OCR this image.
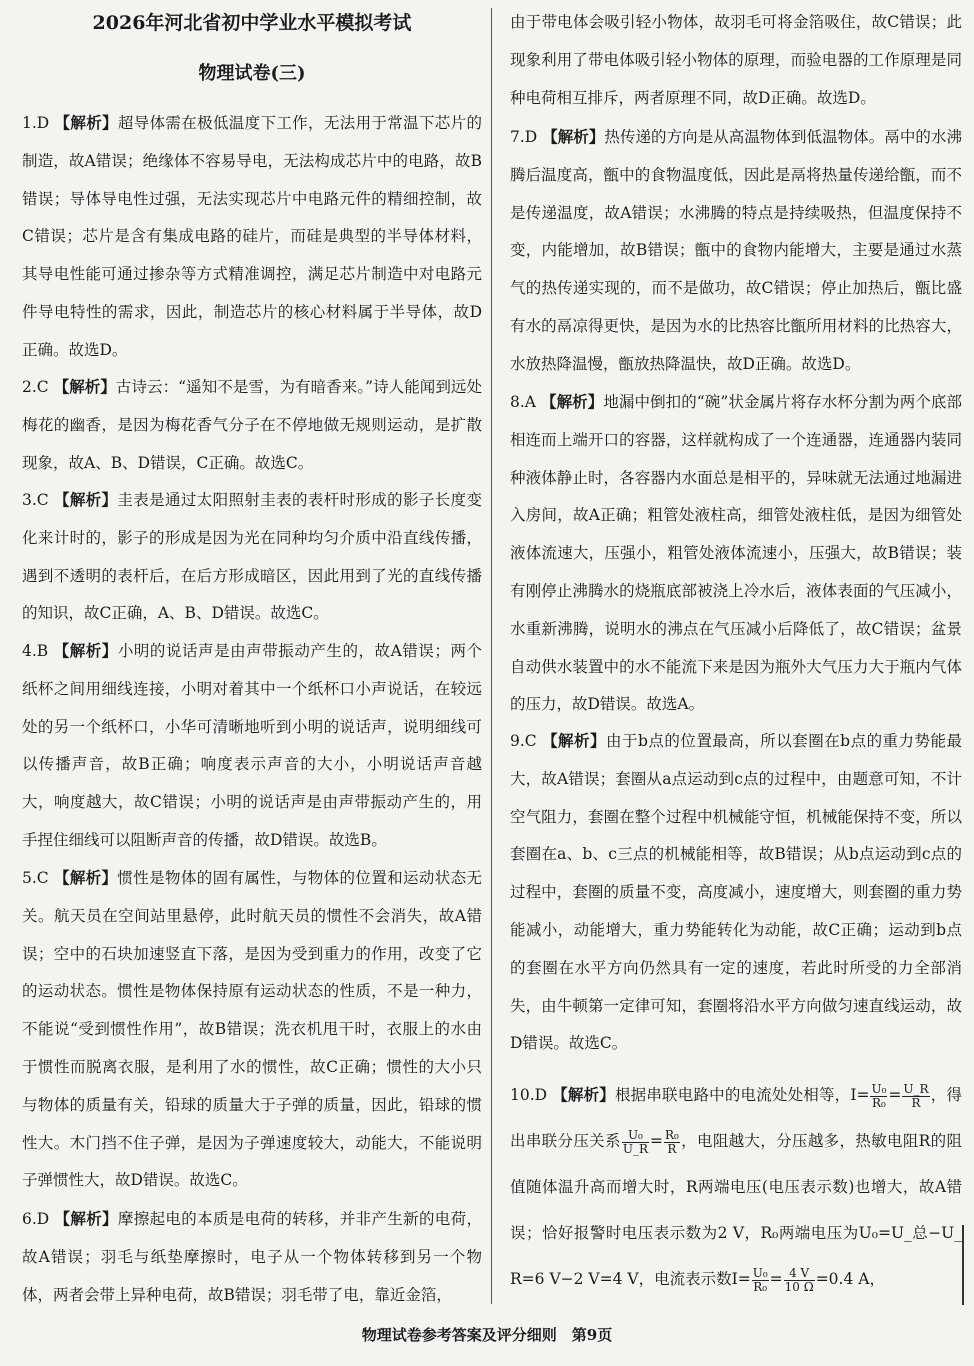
2026年河北省初中学业水平模拟考试
物理试卷(三)
1.D 【解析】超导体需在极低温度下工作，无法用于常温下芯片的制造，故A错误；绝缘体不容易导电，无法构成芯片中的电路，故B错误；导体导电性过强，无法实现芯片中电路元件的精细控制，故C错误；芯片是含有集成电路的硅片，而硅是典型的半导体材料，其导电性能可通过掺杂等方式精准调控，满足芯片制造中对电路元件导电特性的需求，因此，制造芯片的核心材料属于半导体，故D正确。故选D。
2.C 【解析】古诗云：“遥知不是雪，为有暗香来。”诗人能闻到远处梅花的幽香，是因为梅花香气分子在不停地做无规则运动，是扩散现象，故A、B、D错误，C正确。故选C。
3.C 【解析】圭表是通过太阳照射圭表的表杆时形成的影子长度变化来计时的，影子的形成是因为光在同种均匀介质中沿直线传播，遇到不透明的表杆后，在后方形成暗区，因此用到了光的直线传播的知识，故C正确，A、B、D错误。故选C。
4.B 【解析】小明的说话声是由声带振动产生的，故A错误；两个纸杯之间用细线连接，小明对着其中一个纸杯口小声说话，在较远处的另一个纸杯口，小华可清晰地听到小明的说话声，说明细线可以传播声音，故B正确；响度表示声音的大小，小明说话声音越大，响度越大，故C错误；小明的说话声是由声带振动产生的，用手捏住细线可以阻断声音的传播，故D错误。故选B。
5.C 【解析】惯性是物体的固有属性，与物体的位置和运动状态无关。航天员在空间站里悬停，此时航天员的惯性不会消失，故A错误；空中的石块加速竖直下落，是因为受到重力的作用，改变了它的运动状态。惯性是物体保持原有运动状态的性质，不是一种力，不能说“受到惯性作用”，故B错误；洗衣机甩干时，衣服上的水由于惯性而脱离衣服，是利用了水的惯性，故C正确；惯性的大小只与物体的质量有关，铅球的质量大于子弹的质量，因此，铅球的惯性大。木门挡不住子弹，是因为子弹速度较大，动能大，不能说明子弹惯性大，故D错误。故选C。
6.D 【解析】摩擦起电的本质是电荷的转移，并非产生新的电荷，故A错误；羽毛与纸垫摩擦时，电子从一个物体转移到另一个物体，两者会带上异种电荷，故B错误；羽毛带了电，靠近金箔，
由于带电体会吸引轻小物体，故羽毛可将金箔吸住，故C错误；此现象利用了带电体吸引轻小物体的原理，而验电器的工作原理是同种电荷相互排斥，两者原理不同，故D正确。故选D。
7.D 【解析】热传递的方向是从高温物体到低温物体。鬲中的水沸腾后温度高，甑中的食物温度低，因此是鬲将热量传递给甑，而不是传递温度，故A错误；水沸腾的特点是持续吸热，但温度保持不变，内能增加，故B错误；甑中的食物内能增大，主要是通过水蒸气的热传递实现的，而不是做功，故C错误；停止加热后，甑比盛有水的鬲凉得更快，是因为水的比热容比甑所用材料的比热容大，水放热降温慢，甑放热降温快，故D正确。故选D。
8.A 【解析】地漏中倒扣的“碗”状金属片将存水杯分割为两个底部相连而上端开口的容器，这样就构成了一个连通器，连通器内装同种液体静止时，各容器内水面总是相平的，异味就无法通过地漏进入房间，故A正确；粗管处液柱高，细管处液柱低，是因为细管处液体流速大，压强小，粗管处液体流速小，压强大，故B错误；装有刚停止沸腾水的烧瓶底部被浇上冷水后，液体表面的气压减小，水重新沸腾，说明水的沸点在气压减小后降低了，故C错误；盆景自动供水装置中的水不能流下来是因为瓶外大气压力大于瓶内气体的压力，故D错误。故选A。
9.C 【解析】由于b点的位置最高，所以套圈在b点的重力势能最大，故A错误；套圈从a点运动到c点的过程中，由题意可知，不计空气阻力，套圈在整个过程中机械能守恒，机械能保持不变，所以套圈在a、b、c三点的机械能相等，故B错误；从b点运动到c点的过程中，套圈的质量不变，高度减小，速度增大，则套圈的重力势能减小，动能增大，重力势能转化为动能，故C正确；运动到b点的套圈在水平方向仍然具有一定的速度，若此时所受的力全部消失，由牛顿第一定律可知，套圈将沿水平方向做匀速直线运动，故D错误。故选C。
10.D 【解析】根据串联电路中的电流处处相等，$I= \frac{\text{U₀}}{\text{R₀}} = \frac{U\_R}{R}$ ，得出串联分压关系 $\frac{\text{U₀}}{U\_R} = \frac{\text{R₀}}{R}$ ，电阻越大，分压越多，热敏电阻R的阻值随体温升高而增大时，R两端电压(电压表示数)也增大，故A错误；恰好报警时电压表示数为2 V，R₀两端电压为U₀=U_总−U_R=6 V−2 V=4 V，电流表示数$I= \frac{\text{U₀}}{\text{R₀}} = \frac{4 V}{10 \Omega} =0.4$ A，
物理试卷参考答案及评分细则　第9页
